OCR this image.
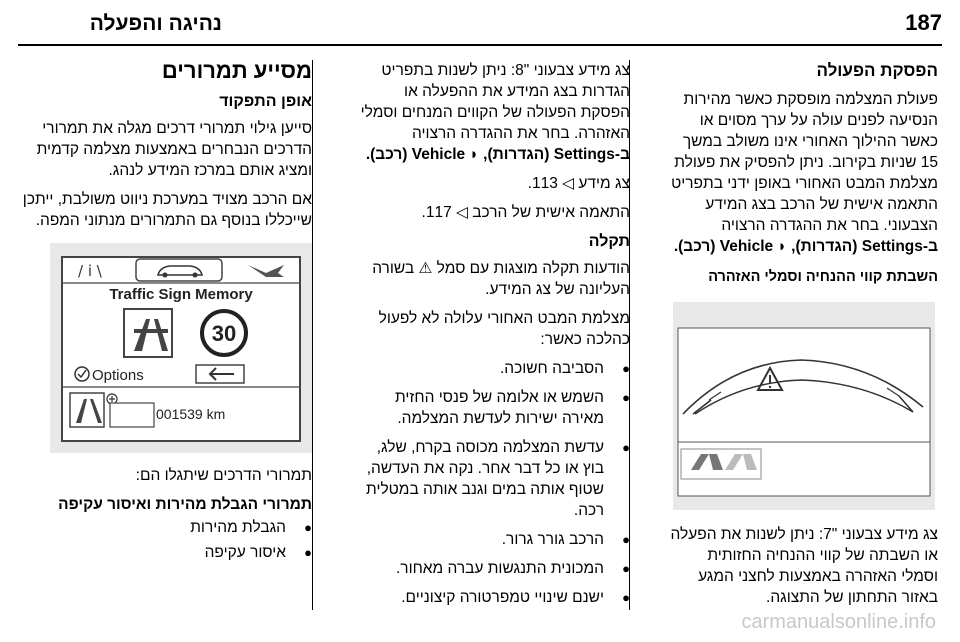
נהיגה והפעלה	187
הפסקת הפעולה

פעולת המצלמה מופסקת כאשר מהירות הנסיעה לפנים עולה על ערך מסוים או כאשר ההילוך האחורי אינו משולב במשך 15 שניות בקירוב. ניתן להפסיק את פעולת מצלמת המבט האחורי באופן ידני בתפריט התאמה אישית של הרכב בצג המידע הצבעוני. בחר את ההגדרה הרצויה
ב-Settings (הגדרות), ◗ Vehicle (רכב).

השבתת קווי ההנחיה וסמלי האזהרה

צג מידע צבעוני "7: ניתן לשנות את הפעלה או השבתה של קווי ההנחיה החזותית וסמלי האזהרה באמצעות לחצני המגע באזור התחתון של התצוגה.

צג מידע צבעוני "8: ניתן לשנות בתפריט הגדרות בצג המידע את ההפעלה או הפסקת הפעולה של הקווים המנחים וסמלי האזהרה. בחר את ההגדרה הרצויה
ב-Settings (הגדרות), ◗ Vehicle (רכב).

צג מידע ◁ 113.

התאמה אישית של הרכב ◁ 117.

תקלה

הודעות תקלה מוצגות עם סמל ⚠ בשורה העליונה של צג המידע.

מצלמת המבט האחורי עלולה לא לפעול כהלכה כאשר:

● הסביבה חשוכה.
● השמש או אלומה של פנסי החזית מאירה ישירות לעדשת המצלמה.
● עדשת המצלמה מכוסה בקרח, שלג, בוץ או כל דבר אחר. נקה את העדשה, שטוף אותה במים וגנב אותה במטלית רכה.
● הרכב גורר גרור.
● המכונית התנגשות עברה מאחור.
● ישנם שינויי טמפרטורה קיצוניים.
מסייע תמרורים
אופן התפקוד

סייען גילוי תמרורי דרכים מגלה את תמרורי הדרכים הנבחרים באמצעות מצלמה קדמית ומציג אותם במרכז המידע לנהג.

אם הרכב מצויד במערכת ניווט משולבת, ייתכן שייכללו בנוסף גם התמרורים מנתוני המפה.

/ i \
Traffic Sign Memory
30
Options
001539 km

תמרורי הדרכים שיתגלו הם:

תמרורי הגבלת מהירות ואיסור עקיפה

● הגבלת מהירות
● איסור עקיפה
carmanualsonline.info
